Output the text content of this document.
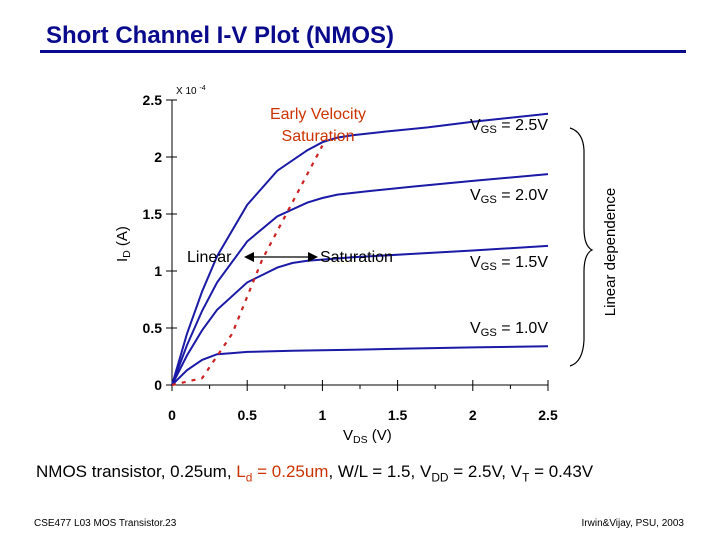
Short Channel I-V Plot (NMOS)
0
0.5
1
1.5
2
2.5
0	0.5	1	1.5	2	2.5
X 10 $^{-4}$
$V_{DS}$ (V)
$I_D$ (A)
VGS = 1.0V
VGS = 1.5V
VGS = 2.0V
VGS = 2.5V
Linear dependence
Early Velocity
Saturation
Linear	Saturation
NMOS transistor, 0.25um, $L_d = 0.25um$, W/L = 1.5, $V_{DD} = 2.5V$, $V_T = 0.43V$
CSE477 L03 MOS Transistor.23	Irwin&Vijay, PSU, 2003
